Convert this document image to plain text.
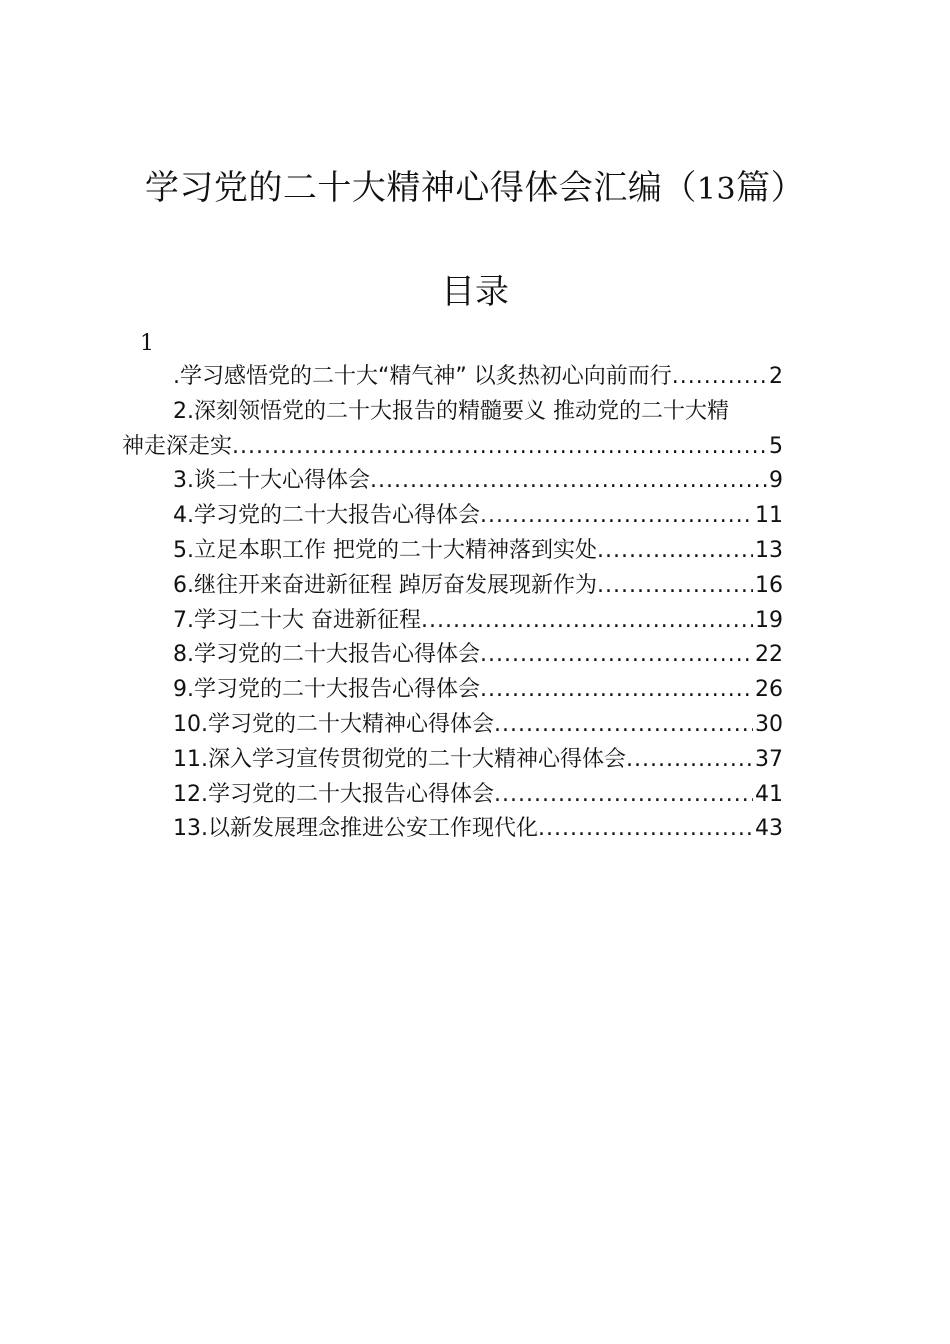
学习党的二十大精神心得体会汇编（13篇）
目录
1
.学习感悟党的二十大“精气神” 以炙热初心向前而行 .....	2
2.深刻领悟党的二十大报告的精髓要义 推动党的二十大精
神走深走实 .....	5
3.谈二十大心得体会 .....	9
4.学习党的二十大报告心得体会 .....	11
5.立足本职工作 把党的二十大精神落到实处 .....	13
6.继往开来奋进新征程 踔厉奋发展现新作为 .....	16
7.学习二十大 奋进新征程 .....	19
8.学习党的二十大报告心得体会 .....	22
9.学习党的二十大报告心得体会 .....	26
10.学习党的二十大精神心得体会 .....	30
11.深入学习宣传贯彻党的二十大精神心得体会 .....	37
12.学习党的二十大报告心得体会 .....	41
13.以新发展理念推进公安工作现代化 .....	43
